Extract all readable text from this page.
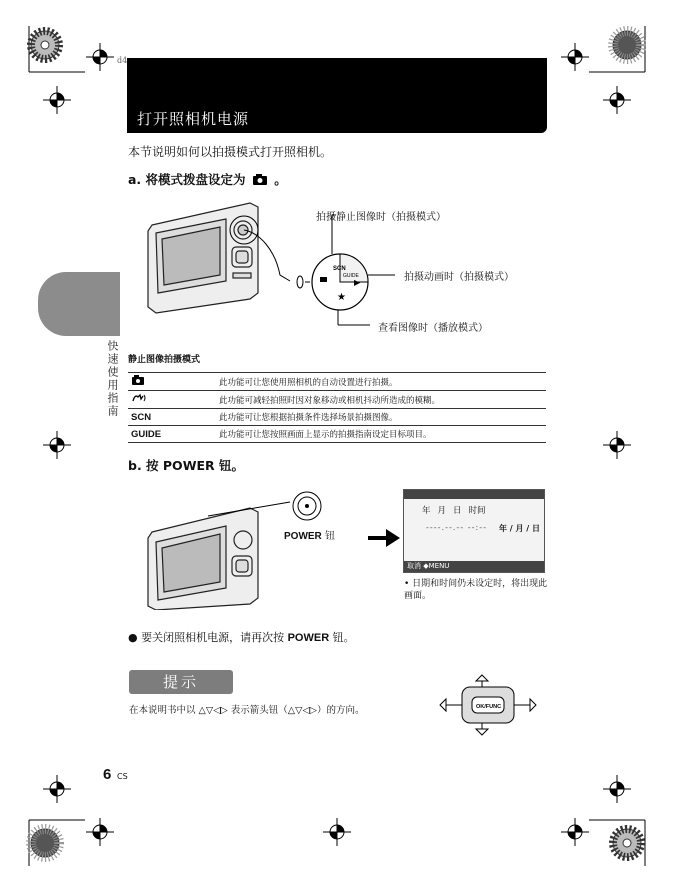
d4
打开照相机电源
本节说明如何以拍摄模式打开照相机。
快速使用指南
a. 将模式拨盘设定为 。
SCN
GUIDE
▶
★
拍摄静止图像时（拍摄模式）
拍摄动画时（拍摄模式）
查看图像时（播放模式）
静止图像拍摄模式
	此功能可让您使用照相机的自动设置进行拍摄。
	此功能可减轻拍照时因对象移动或相机抖动所造成的模糊。
SCN	此功能可让您根据拍摄条件选择场景拍摄图像。
GUIDE	此功能可让您按照画面上显示的拍摄指南设定目标项目。
b. 按 POWER 钮。
POWER 钮
年 月 日 时间
----.--.-- --:-- 年 / 月 / 日
取消 ◆MENU
• 日期和时间仍未设定时，将出现此画面。
● 要关闭照相机电源，请再次按 POWER 钮。
提示
在本说明书中以 △▽◁▷ 表示箭头钮（△▽◁▷）的方向。	OK/FUNC
6 CS
